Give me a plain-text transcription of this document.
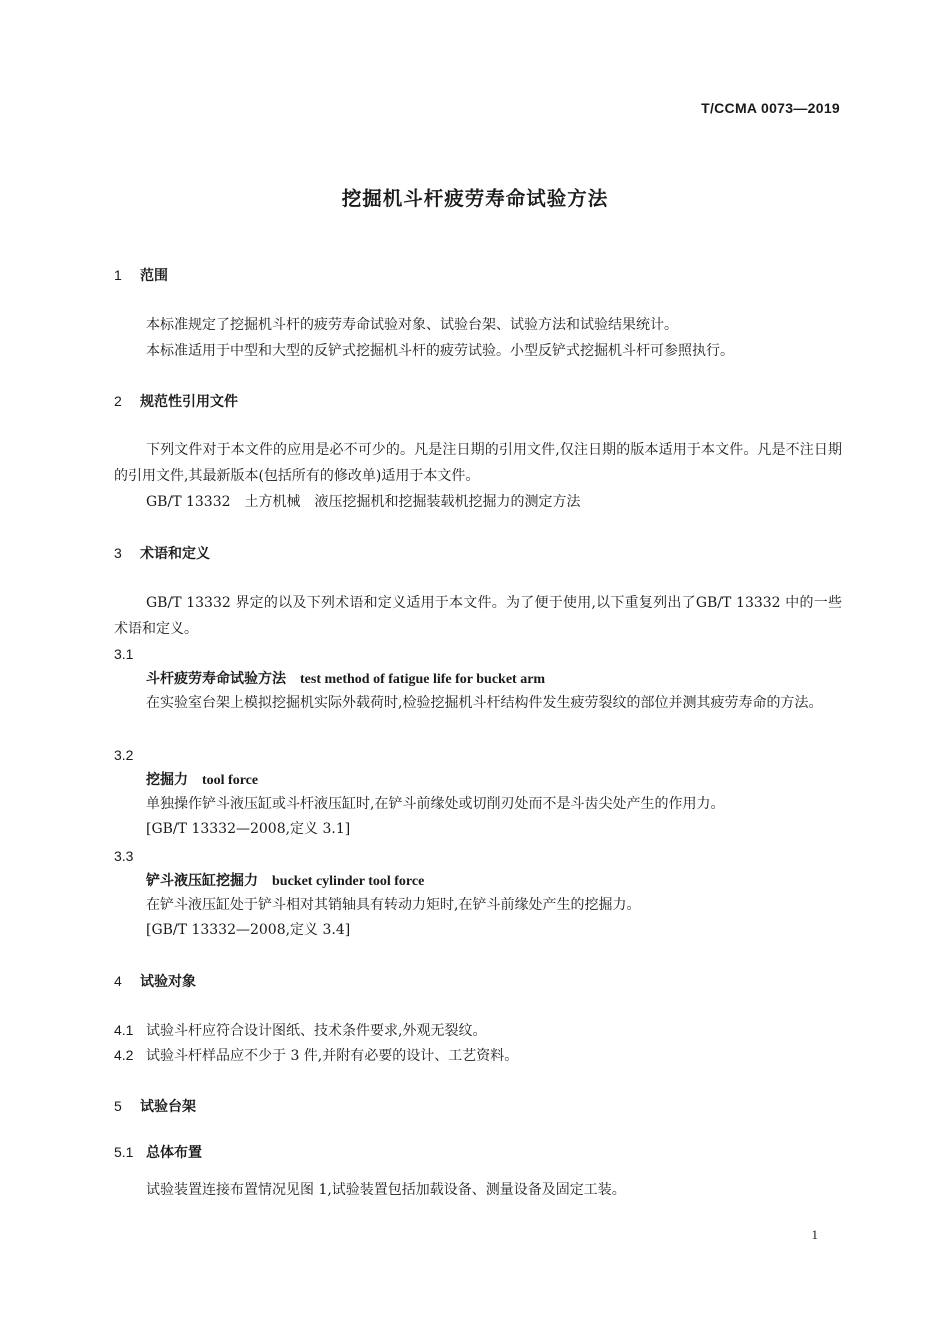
T/CCMA 0073—2019
挖掘机斗杆疲劳寿命试验方法
1 范围
本标准规定了挖掘机斗杆的疲劳寿命试验对象、试验台架、试验方法和试验结果统计。
本标准适用于中型和大型的反铲式挖掘机斗杆的疲劳试验。小型反铲式挖掘机斗杆可参照执行。
2 规范性引用文件
下列文件对于本文件的应用是必不可少的。凡是注日期的引用文件,仅注日期的版本适用于本文件。凡是不注日期的引用文件,其最新版本(包括所有的修改单)适用于本文件。
GB/T 13332　土方机械　液压挖掘机和挖掘装载机挖掘力的测定方法
3 术语和定义
GB/T 13332 界定的以及下列术语和定义适用于本文件。为了便于使用,以下重复列出了GB/T 13332 中的一些术语和定义。
3.1
斗杆疲劳寿命试验方法 test method of fatigue life for bucket arm
在实验室台架上模拟挖掘机实际外载荷时,检验挖掘机斗杆结构件发生疲劳裂纹的部位并测其疲劳寿命的方法。
3.2
挖掘力 tool force
单独操作铲斗液压缸或斗杆液压缸时,在铲斗前缘处或切削刃处而不是斗齿尖处产生的作用力。
[GB/T 13332—2008,定义 3.1]
3.3
铲斗液压缸挖掘力 bucket cylinder tool force
在铲斗液压缸处于铲斗相对其销轴具有转动力矩时,在铲斗前缘处产生的挖掘力。
[GB/T 13332—2008,定义 3.4]
4 试验对象
4.1 试验斗杆应符合设计图纸、技术条件要求,外观无裂纹。
4.2 试验斗杆样品应不少于 3 件,并附有必要的设计、工艺资料。
5 试验台架
5.1 总体布置
试验装置连接布置情况见图 1,试验装置包括加载设备、测量设备及固定工装。
1
